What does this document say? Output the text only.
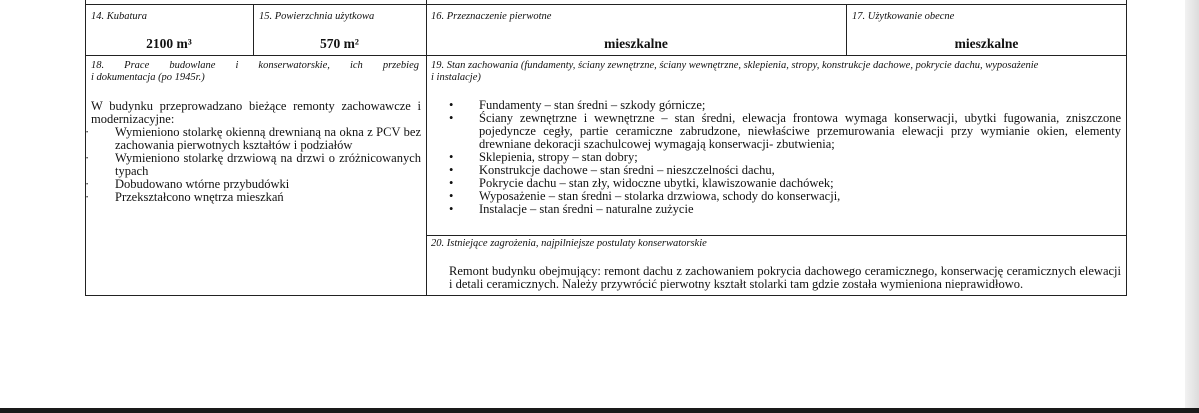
14. Kubatura
2100 m³
15. Powierzchnia użytkowa
570 m²
16. Przeznaczenie pierwotne
mieszkalne
17. Użytkowanie obecne
mieszkalne
18. Prace budowlane i konserwatorskie, ich przebieg
i dokumentacja (po 1945r.)
W budynku przeprowadzano bieżące remonty zachowawcze i modernizacyjne:
· Wymieniono stolarkę okienną drewnianą na okna z PCV bez zachowania pierwotnych kształtów i podziałów
· Wymieniono stolarkę drzwiową na drzwi o zróżnicowanych typach
· Dobudowano wtórne przybudówki
· Przekształcono wnętrza mieszkań
19. Stan zachowania (fundamenty, ściany zewnętrzne, ściany wewnętrzne, sklepienia, stropy, konstrukcje dachowe, pokrycie dachu, wyposażenie
i instalacje)
• Fundamenty – stan średni – szkody górnicze;
• Ściany zewnętrzne i wewnętrzne – stan średni, elewacja frontowa wymaga konserwacji, ubytki fugowania, zniszczone pojedyncze cegły, partie ceramiczne zabrudzone, niewłaściwe przemurowania elewacji przy wymianie okien, elementy drewniane dekoracji szachulcowej wymagają konserwacji- zbutwienia;
• Sklepienia, stropy – stan dobry;
• Konstrukcje dachowe – stan średni – nieszczelności dachu,
• Pokrycie dachu – stan zły, widoczne ubytki, klawiszowanie dachówek;
• Wyposażenie – stan średni – stolarka drzwiowa, schody do konserwacji,
• Instalacje – stan średni – naturalne zużycie
20. Istniejące zagrożenia, najpilniejsze postulaty konserwatorskie
Remont budynku obejmujący: remont dachu z zachowaniem pokrycia dachowego ceramicznego, konserwację ceramicznych elewacji i detali ceramicznych. Należy przywrócić pierwotny kształt stolarki tam gdzie została wymieniona nieprawidłowo.
